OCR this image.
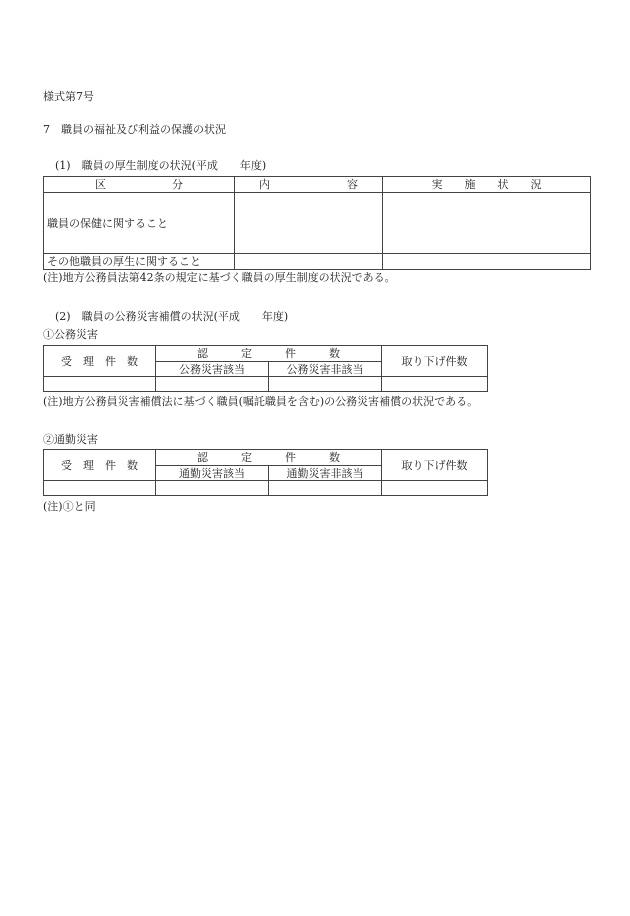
様式第7号
7　職員の福祉及び利益の保護の状況
(1)　職員の厚生制度の状況(平成　　年度)
区　　　　　　分	内　　　　　　　容	実　　施　　状　　況
職員の保健に関すること		
その他職員の厚生に関すること		
(注)地方公務員法第42条の規定に基づく職員の厚生制度の状況である。
(2)　職員の公務災害補償の状況(平成　　年度)
①公務災害
受　理　件　数	認　　　定　　　件　　　数		取り下げ件数
	公務災害該当	公務災害非該当	

(注)地方公務員災害補償法に基づく職員(嘱託職員を含む)の公務災害補償の状況である。
②通勤災害
受　理　件　数	認　　　定　　　件　　　数		取り下げ件数
	通勤災害該当	通勤災害非該当	

(注)①と同
